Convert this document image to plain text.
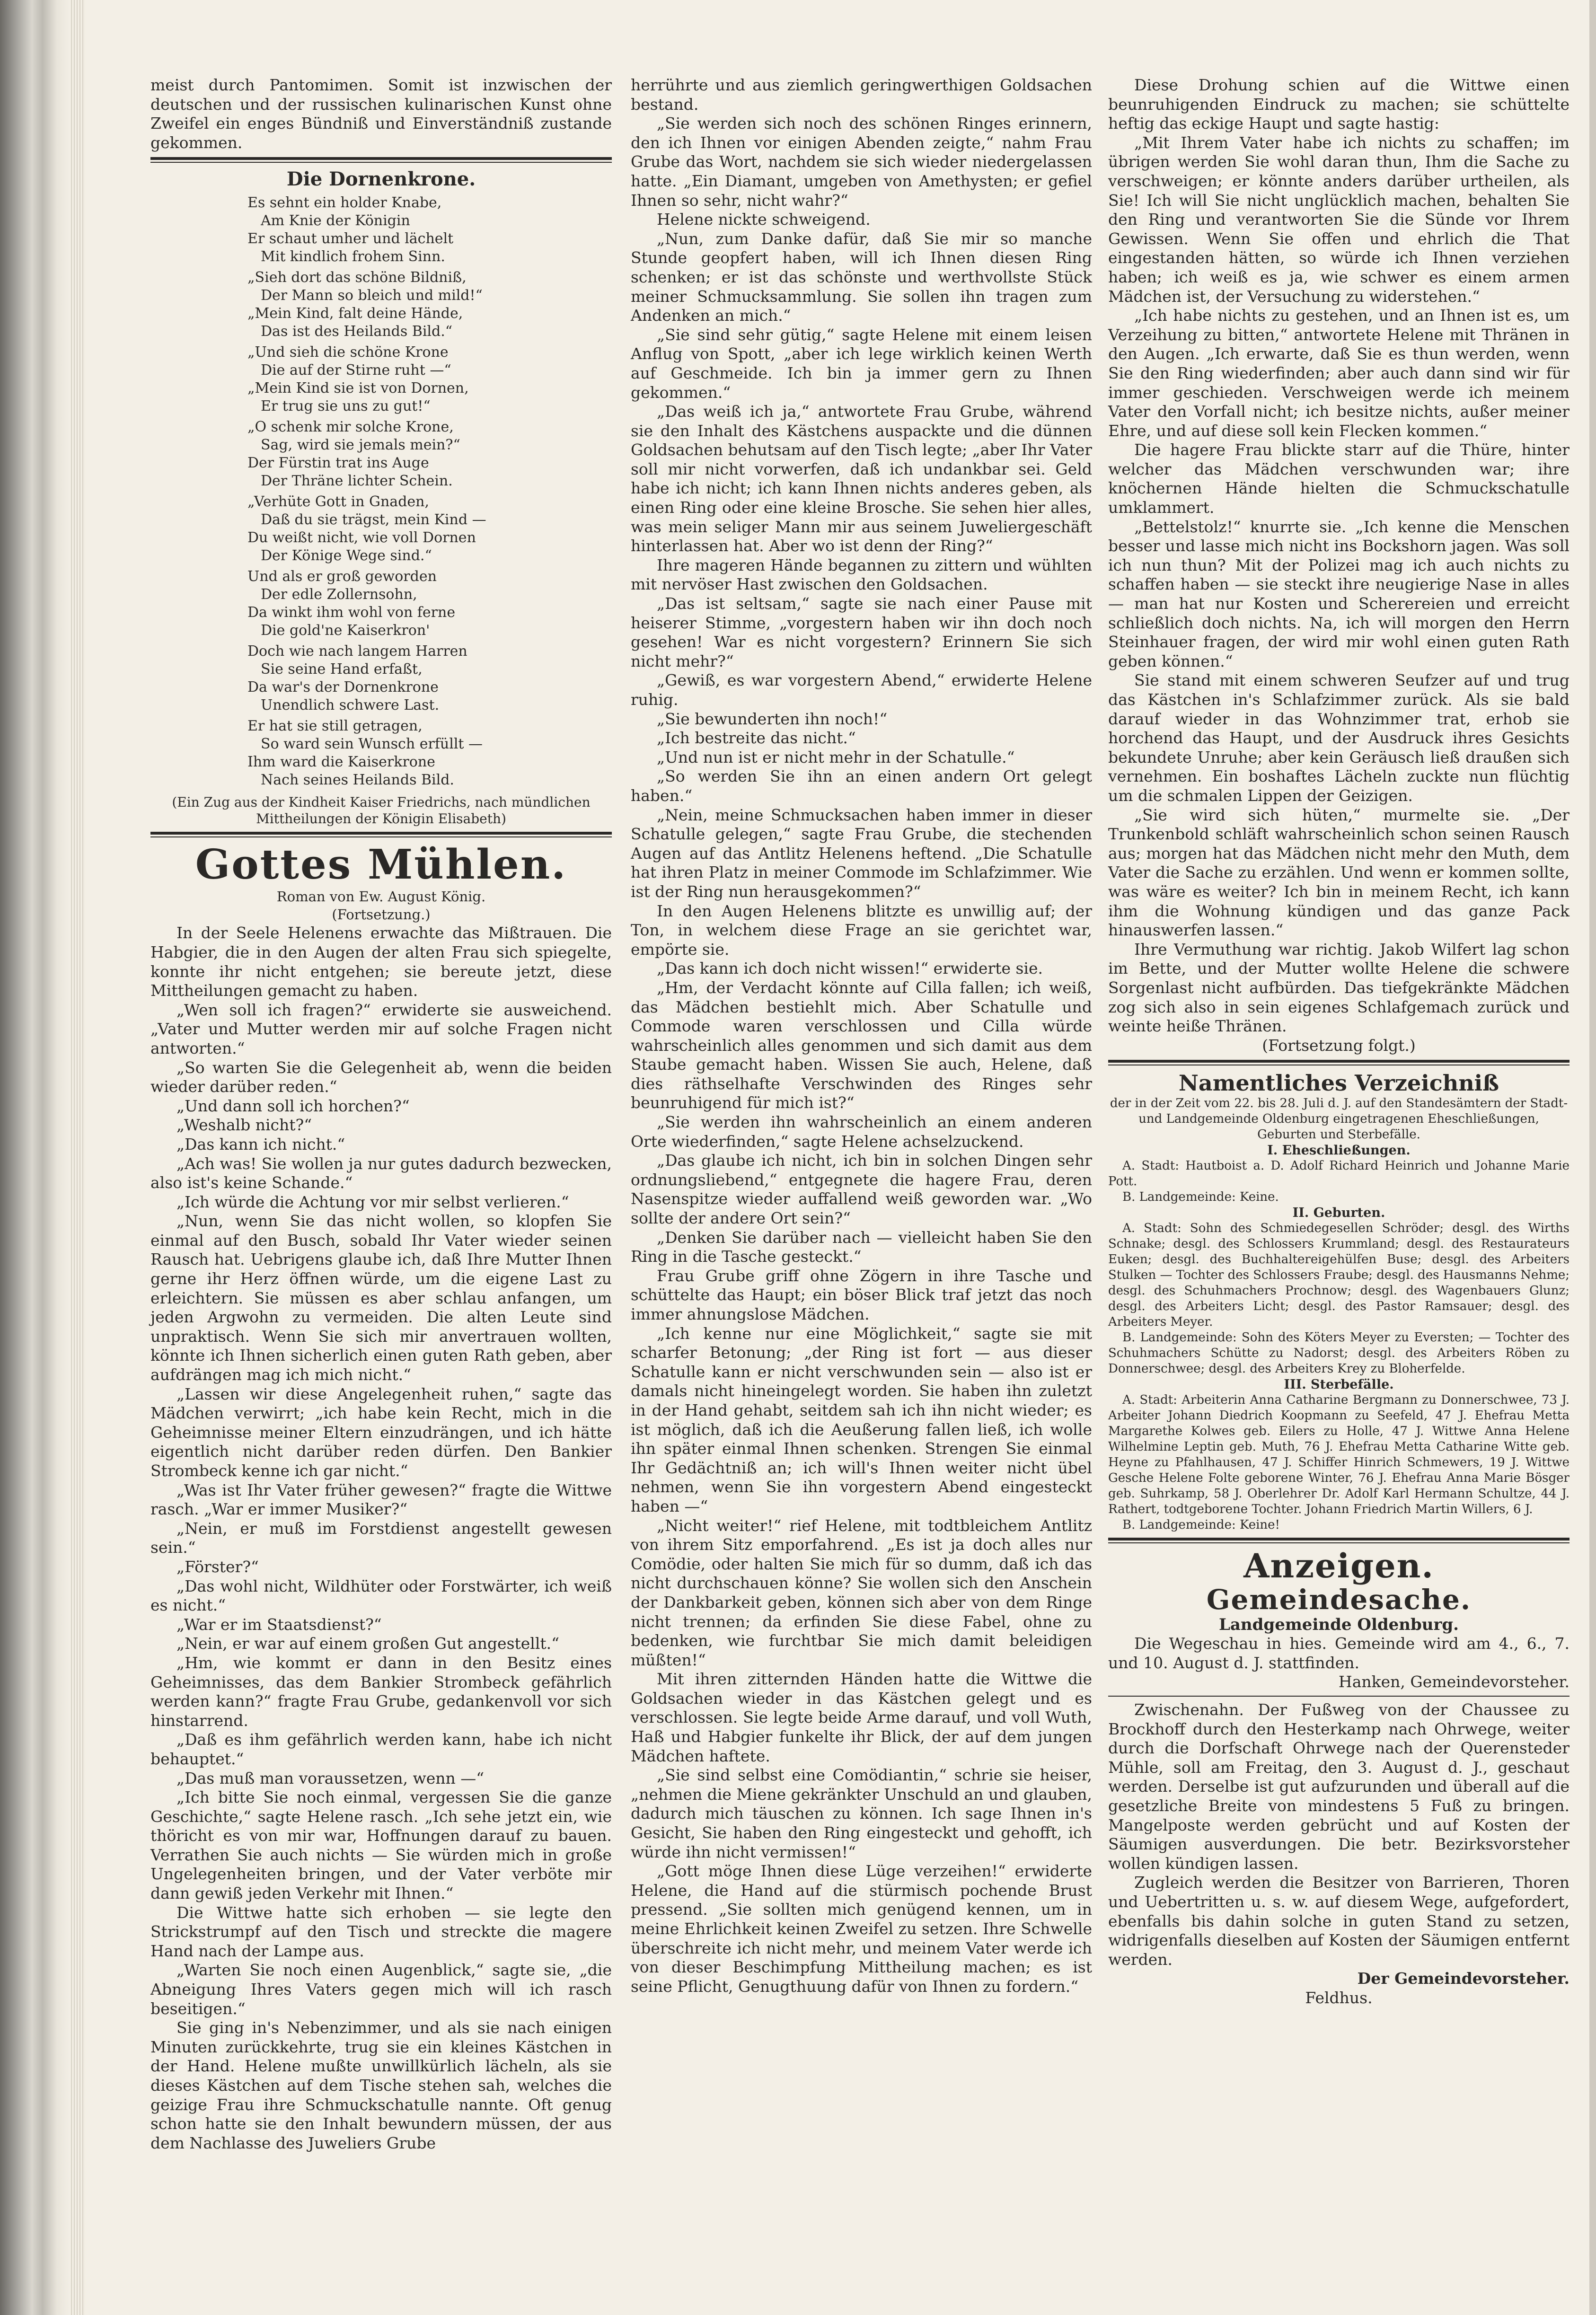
meist durch Pantomimen. Somit ist inzwischen der deutschen und der russischen kulinarischen Kunst ohne Zweifel ein enges Bündniß und Einverständniß zustande gekommen.

Die Dornenkrone.
Es sehnt ein holder Knabe,
Am Knie der Königin
Er schaut umher und lächelt
Mit kindlich frohem Sinn.
„Sieh dort das schöne Bildniß,
Der Mann so bleich und mild!“
„Mein Kind, falt deine Hände,
Das ist des Heilands Bild.“
„Und sieh die schöne Krone
Die auf der Stirne ruht —“
„Mein Kind sie ist von Dornen,
Er trug sie uns zu gut!“
„O schenk mir solche Krone,
Sag, wird sie jemals mein?“
Der Fürstin trat ins Auge
Der Thräne lichter Schein.
„Verhüte Gott in Gnaden,
Daß du sie trägst, mein Kind —
Du weißt nicht, wie voll Dornen
Der Könige Wege sind.“
Und als er groß geworden
Der edle Zollernsohn,
Da winkt ihm wohl von ferne
Die gold'ne Kaiserkron'
Doch wie nach langem Harren
Sie seine Hand erfaßt,
Da war's der Dornenkrone
Unendlich schwere Last.
Er hat sie still getragen,
So ward sein Wunsch erfüllt —
Ihm ward die Kaiserkrone
Nach seines Heilands Bild.
(Ein Zug aus der Kindheit Kaiser Friedrichs, nach mündlichen Mittheilungen der Königin Elisabeth)
Gottes Mühlen.
Roman von Ew. August König.
(Fortsetzung.)

In der Seele Helenens erwachte das Mißtrauen. Die Habgier, die in den Augen der alten Frau sich spiegelte, konnte ihr nicht entgehen; sie bereute jetzt, diese Mittheilungen gemacht zu haben.

„Wen soll ich fragen?“ erwiderte sie ausweichend. „Vater und Mutter werden mir auf solche Fragen nicht antworten.“

„So warten Sie die Gelegenheit ab, wenn die beiden wieder darüber reden.“

„Und dann soll ich horchen?“

„Weshalb nicht?“

„Das kann ich nicht.“

„Ach was! Sie wollen ja nur gutes dadurch bezwecken, also ist's keine Schande.“

„Ich würde die Achtung vor mir selbst verlieren.“

„Nun, wenn Sie das nicht wollen, so klopfen Sie einmal auf den Busch, sobald Ihr Vater wieder seinen Rausch hat. Uebrigens glaube ich, daß Ihre Mutter Ihnen gerne ihr Herz öffnen würde, um die eigene Last zu erleichtern. Sie müssen es aber schlau anfangen, um jeden Argwohn zu vermeiden. Die alten Leute sind unpraktisch. Wenn Sie sich mir anvertrauen wollten, könnte ich Ihnen sicherlich einen guten Rath geben, aber aufdrängen mag ich mich nicht.“

„Lassen wir diese Angelegenheit ruhen,“ sagte das Mädchen verwirrt; „ich habe kein Recht, mich in die Geheimnisse meiner Eltern einzudrängen, und ich hätte eigentlich nicht darüber reden dürfen. Den Bankier Strombeck kenne ich gar nicht.“

„Was ist Ihr Vater früher gewesen?“ fragte die Wittwe rasch. „War er immer Musiker?“

„Nein, er muß im Forstdienst angestellt gewesen sein.“

„Förster?“

„Das wohl nicht, Wildhüter oder Forstwärter, ich weiß es nicht.“

„War er im Staatsdienst?“

„Nein, er war auf einem großen Gut angestellt.“

„Hm, wie kommt er dann in den Besitz eines Geheimnisses, das dem Bankier Strombeck gefährlich werden kann?“ fragte Frau Grube, gedankenvoll vor sich hinstarrend.

„Daß es ihm gefährlich werden kann, habe ich nicht behauptet.“

„Das muß man voraussetzen, wenn —“

„Ich bitte Sie noch einmal, vergessen Sie die ganze Geschichte,“ sagte Helene rasch. „Ich sehe jetzt ein, wie thöricht es von mir war, Hoffnungen darauf zu bauen. Verrathen Sie auch nichts — Sie würden mich in große Ungelegenheiten bringen, und der Vater verböte mir dann gewiß jeden Verkehr mit Ihnen.“

Die Wittwe hatte sich erhoben — sie legte den Strickstrumpf auf den Tisch und streckte die magere Hand nach der Lampe aus.

„Warten Sie noch einen Augenblick,“ sagte sie, „die Abneigung Ihres Vaters gegen mich will ich rasch beseitigen.“

Sie ging in's Nebenzimmer, und als sie nach einigen Minuten zurückkehrte, trug sie ein kleines Kästchen in der Hand. Helene mußte unwillkürlich lächeln, als sie dieses Kästchen auf dem Tische stehen sah, welches die geizige Frau ihre Schmuckschatulle nannte. Oft genug schon hatte sie den Inhalt bewundern müssen, der aus dem Nachlasse des Juweliers Grube

herrührte und aus ziemlich geringwerthigen Goldsachen bestand.

„Sie werden sich noch des schönen Ringes erinnern, den ich Ihnen vor einigen Abenden zeigte,“ nahm Frau Grube das Wort, nachdem sie sich wieder niedergelassen hatte. „Ein Diamant, umgeben von Amethysten; er gefiel Ihnen so sehr, nicht wahr?“

Helene nickte schweigend.

„Nun, zum Danke dafür, daß Sie mir so manche Stunde geopfert haben, will ich Ihnen diesen Ring schenken; er ist das schönste und werthvollste Stück meiner Schmucksammlung. Sie sollen ihn tragen zum Andenken an mich.“

„Sie sind sehr gütig,“ sagte Helene mit einem leisen Anflug von Spott, „aber ich lege wirklich keinen Werth auf Geschmeide. Ich bin ja immer gern zu Ihnen gekommen.“

„Das weiß ich ja,“ antwortete Frau Grube, während sie den Inhalt des Kästchens auspackte und die dünnen Goldsachen behutsam auf den Tisch legte; „aber Ihr Vater soll mir nicht vorwerfen, daß ich undankbar sei. Geld habe ich nicht; ich kann Ihnen nichts anderes geben, als einen Ring oder eine kleine Brosche. Sie sehen hier alles, was mein seliger Mann mir aus seinem Juweliergeschäft hinterlassen hat. Aber wo ist denn der Ring?“

Ihre mageren Hände begannen zu zittern und wühlten mit nervöser Hast zwischen den Goldsachen.

„Das ist seltsam,“ sagte sie nach einer Pause mit heiserer Stimme, „vorgestern haben wir ihn doch noch gesehen! War es nicht vorgestern? Erinnern Sie sich nicht mehr?“

„Gewiß, es war vorgestern Abend,“ erwiderte Helene ruhig.

„Sie bewunderten ihn noch!“

„Ich bestreite das nicht.“

„Und nun ist er nicht mehr in der Schatulle.“

„So werden Sie ihn an einen andern Ort gelegt haben.“

„Nein, meine Schmucksachen haben immer in dieser Schatulle gelegen,“ sagte Frau Grube, die stechenden Augen auf das Antlitz Helenens heftend. „Die Schatulle hat ihren Platz in meiner Commode im Schlafzimmer. Wie ist der Ring nun herausgekommen?“

In den Augen Helenens blitzte es unwillig auf; der Ton, in welchem diese Frage an sie gerichtet war, empörte sie.

„Das kann ich doch nicht wissen!“ erwiderte sie.

„Hm, der Verdacht könnte auf Cilla fallen; ich weiß, das Mädchen bestiehlt mich. Aber Schatulle und Commode waren verschlossen und Cilla würde wahrscheinlich alles genommen und sich damit aus dem Staube gemacht haben. Wissen Sie auch, Helene, daß dies räthselhafte Verschwinden des Ringes sehr beunruhigend für mich ist?“

„Sie werden ihn wahrscheinlich an einem anderen Orte wiederfinden,“ sagte Helene achselzuckend.

„Das glaube ich nicht, ich bin in solchen Dingen sehr ordnungsliebend,“ entgegnete die hagere Frau, deren Nasenspitze wieder auffallend weiß geworden war. „Wo sollte der andere Ort sein?“

„Denken Sie darüber nach — vielleicht haben Sie den Ring in die Tasche gesteckt.“

Frau Grube griff ohne Zögern in ihre Tasche und schüttelte das Haupt; ein böser Blick traf jetzt das noch immer ahnungslose Mädchen.

„Ich kenne nur eine Möglichkeit,“ sagte sie mit scharfer Betonung; „der Ring ist fort — aus dieser Schatulle kann er nicht verschwunden sein — also ist er damals nicht hineingelegt worden. Sie haben ihn zuletzt in der Hand gehabt, seitdem sah ich ihn nicht wieder; es ist möglich, daß ich die Aeußerung fallen ließ, ich wolle ihn später einmal Ihnen schenken. Strengen Sie einmal Ihr Gedächtniß an; ich will's Ihnen weiter nicht übel nehmen, wenn Sie ihn vorgestern Abend eingesteckt haben —“

„Nicht weiter!“ rief Helene, mit todtbleichem Antlitz von ihrem Sitz emporfahrend. „Es ist ja doch alles nur Comödie, oder halten Sie mich für so dumm, daß ich das nicht durchschauen könne? Sie wollen sich den Anschein der Dankbarkeit geben, können sich aber von dem Ringe nicht trennen; da erfinden Sie diese Fabel, ohne zu bedenken, wie furchtbar Sie mich damit beleidigen müßten!“

Mit ihren zitternden Händen hatte die Wittwe die Goldsachen wieder in das Kästchen gelegt und es verschlossen. Sie legte beide Arme darauf, und voll Wuth, Haß und Habgier funkelte ihr Blick, der auf dem jungen Mädchen haftete.

„Sie sind selbst eine Comödiantin,“ schrie sie heiser, „nehmen die Miene gekränkter Unschuld an und glauben, dadurch mich täuschen zu können. Ich sage Ihnen in's Gesicht, Sie haben den Ring eingesteckt und gehofft, ich würde ihn nicht vermissen!“

„Gott möge Ihnen diese Lüge verzeihen!“ erwiderte Helene, die Hand auf die stürmisch pochende Brust pressend. „Sie sollten mich genügend kennen, um in meine Ehrlichkeit keinen Zweifel zu setzen. Ihre Schwelle überschreite ich nicht mehr, und meinem Vater werde ich von dieser Beschimpfung Mittheilung machen; es ist seine Pflicht, Genugthuung dafür von Ihnen zu fordern.“

Diese Drohung schien auf die Wittwe einen beunruhigenden Eindruck zu machen; sie schüttelte heftig das eckige Haupt und sagte hastig:

„Mit Ihrem Vater habe ich nichts zu schaffen; im übrigen werden Sie wohl daran thun, Ihm die Sache zu verschweigen; er könnte anders darüber urtheilen, als Sie! Ich will Sie nicht unglücklich machen, behalten Sie den Ring und verantworten Sie die Sünde vor Ihrem Gewissen. Wenn Sie offen und ehrlich die That eingestanden hätten, so würde ich Ihnen verziehen haben; ich weiß es ja, wie schwer es einem armen Mädchen ist, der Versuchung zu widerstehen.“

„Ich habe nichts zu gestehen, und an Ihnen ist es, um Verzeihung zu bitten,“ antwortete Helene mit Thränen in den Augen. „Ich erwarte, daß Sie es thun werden, wenn Sie den Ring wiederfinden; aber auch dann sind wir für immer geschieden. Verschweigen werde ich meinem Vater den Vorfall nicht; ich besitze nichts, außer meiner Ehre, und auf diese soll kein Flecken kommen.“

Die hagere Frau blickte starr auf die Thüre, hinter welcher das Mädchen verschwunden war; ihre knöchernen Hände hielten die Schmuckschatulle umklammert.

„Bettelstolz!“ knurrte sie. „Ich kenne die Menschen besser und lasse mich nicht ins Bockshorn jagen. Was soll ich nun thun? Mit der Polizei mag ich auch nichts zu schaffen haben — sie steckt ihre neugierige Nase in alles — man hat nur Kosten und Scherereien und erreicht schließlich doch nichts. Na, ich will morgen den Herrn Steinhauer fragen, der wird mir wohl einen guten Rath geben können.“

Sie stand mit einem schweren Seufzer auf und trug das Kästchen in's Schlafzimmer zurück. Als sie bald darauf wieder in das Wohnzimmer trat, erhob sie horchend das Haupt, und der Ausdruck ihres Gesichts bekundete Unruhe; aber kein Geräusch ließ draußen sich vernehmen. Ein boshaftes Lächeln zuckte nun flüchtig um die schmalen Lippen der Geizigen.

„Sie wird sich hüten,“ murmelte sie. „Der Trunkenbold schläft wahrscheinlich schon seinen Rausch aus; morgen hat das Mädchen nicht mehr den Muth, dem Vater die Sache zu erzählen. Und wenn er kommen sollte, was wäre es weiter? Ich bin in meinem Recht, ich kann ihm die Wohnung kündigen und das ganze Pack hinauswerfen lassen.“

Ihre Vermuthung war richtig. Jakob Wilfert lag schon im Bette, und der Mutter wollte Helene die schwere Sorgenlast nicht aufbürden. Das tiefgekränkte Mädchen zog sich also in sein eigenes Schlafgemach zurück und weinte heiße Thränen.

(Fortsetzung folgt.)
Namentliches Verzeichniß

der in der Zeit vom 22. bis 28. Juli d. J. auf den Standesämtern der Stadt- und Landgemeinde Oldenburg eingetragenen Eheschließungen, Geburten und Sterbefälle.

I. Eheschließungen.

A. Stadt: Hautboist a. D. Adolf Richard Heinrich und Johanne Marie Pott.

B. Landgemeinde: Keine.

II. Geburten.

A. Stadt: Sohn des Schmiedegesellen Schröder; desgl. des Wirths Schnake; desgl. des Schlossers Krummland; desgl. des Restaurateurs Euken; desgl. des Buchhaltereigehülfen Buse; desgl. des Arbeiters Stulken — Tochter des Schlossers Fraube; desgl. des Hausmanns Nehme; desgl. des Schuhmachers Prochnow; desgl. des Wagenbauers Glunz; desgl. des Arbeiters Licht; desgl. des Pastor Ramsauer; desgl. des Arbeiters Meyer.

B. Landgemeinde: Sohn des Köters Meyer zu Eversten; — Tochter des Schuhmachers Schütte zu Nadorst; desgl. des Arbeiters Röben zu Donnerschwee; desgl. des Arbeiters Krey zu Bloherfelde.

III. Sterbefälle.

A. Stadt: Arbeiterin Anna Catharine Bergmann zu Donnerschwee, 73 J. Arbeiter Johann Diedrich Koopmann zu Seefeld, 47 J. Ehefrau Metta Margarethe Kolwes geb. Eilers zu Holle, 47 J. Wittwe Anna Helene Wilhelmine Leptin geb. Muth, 76 J. Ehefrau Metta Catharine Witte geb. Heyne zu Pfahlhausen, 47 J. Schiffer Hinrich Schmewers, 19 J. Wittwe Gesche Helene Folte geborene Winter, 76 J. Ehefrau Anna Marie Bösger geb. Suhrkamp, 58 J. Oberlehrer Dr. Adolf Karl Hermann Schultze, 44 J. Rathert, todtgeborene Tochter. Johann Friedrich Martin Willers, 6 J.

B. Landgemeinde: Keine!

Anzeigen.
Gemeindesache.
Landgemeinde Oldenburg.

Die Wegeschau in hies. Gemeinde wird am 4., 6., 7. und 10. August d. J. stattfinden.

Hanken, Gemeindevorsteher.

Zwischenahn. Der Fußweg von der Chaussee zu Brockhoff durch den Hesterkamp nach Ohrwege, weiter durch die Dorfschaft Ohrwege nach der Querensteder Mühle, soll am Freitag, den 3. August d. J., geschaut werden. Derselbe ist gut aufzurunden und überall auf die gesetzliche Breite von mindestens 5 Fuß zu bringen. Mangelposte werden gebrücht und auf Kosten der Säumigen ausverdungen. Die betr. Bezirksvorsteher wollen kündigen lassen.

Zugleich werden die Besitzer von Barrieren, Thoren und Uebertritten u. s. w. auf diesem Wege, aufgefordert, ebenfalls bis dahin solche in guten Stand zu setzen, widrigenfalls dieselben auf Kosten der Säumigen entfernt werden.

Der Gemeindevorsteher.
Feldhus.
